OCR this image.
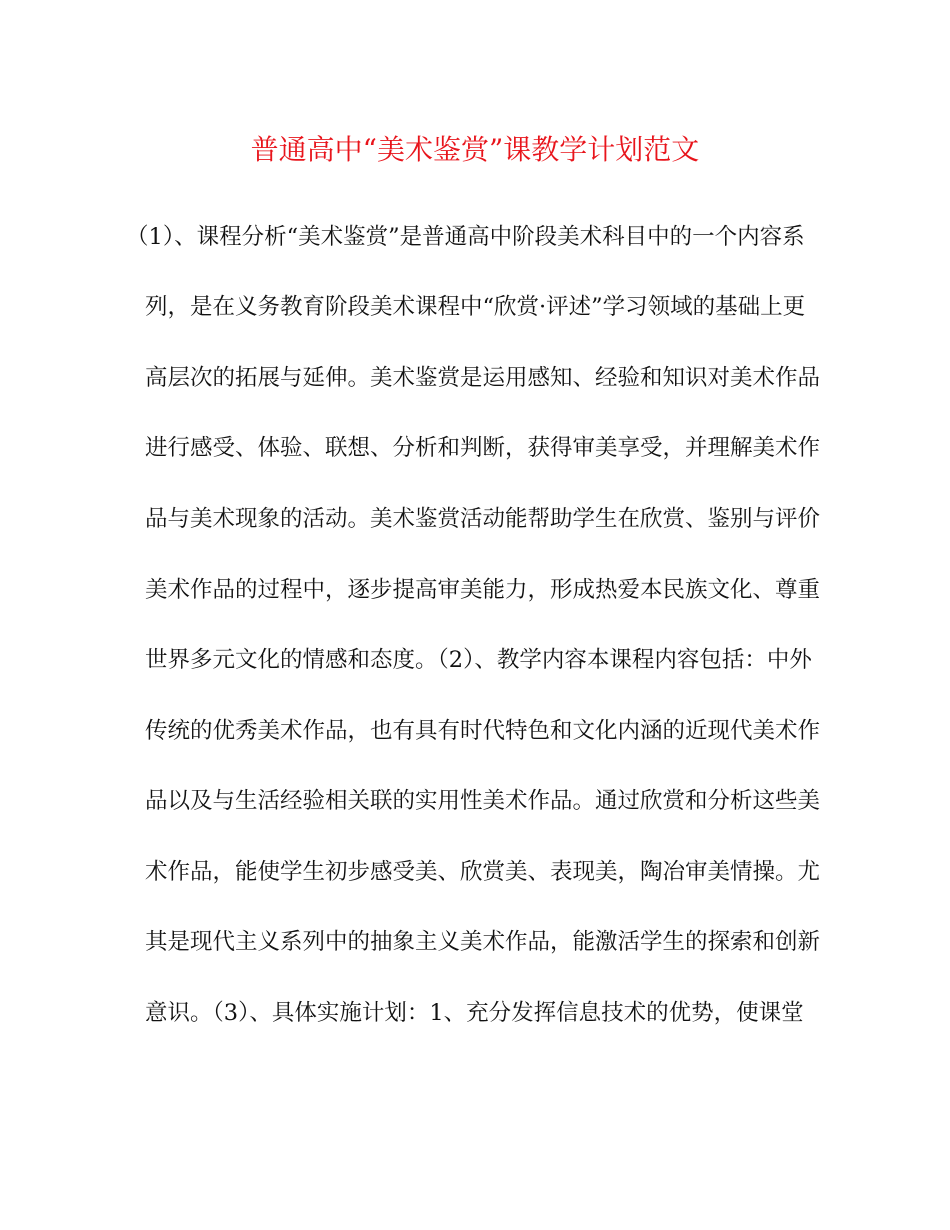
普通高中“美术鉴赏”课教学计划范文
（1）、课程分析“美术鉴赏”是普通高中阶段美术科目中的一个内容系
列，是在义务教育阶段美术课程中“欣赏·评述”学习领域的基础上更
高层次的拓展与延伸。美术鉴赏是运用感知、经验和知识对美术作品
进行感受、体验、联想、分析和判断，获得审美享受，并理解美术作
品与美术现象的活动。美术鉴赏活动能帮助学生在欣赏、鉴别与评价
美术作品的过程中，逐步提高审美能力，形成热爱本民族文化、尊重
世界多元文化的情感和态度。（2）、教学内容本课程内容包括：中外
传统的优秀美术作品，也有具有时代特色和文化内涵的近现代美术作
品以及与生活经验相关联的实用性美术作品。通过欣赏和分析这些美
术作品，能使学生初步感受美、欣赏美、表现美，陶冶审美情操。尤
其是现代主义系列中的抽象主义美术作品，能激活学生的探索和创新
意识。（3）、具体实施计划：1、充分发挥信息技术的优势，使课堂
